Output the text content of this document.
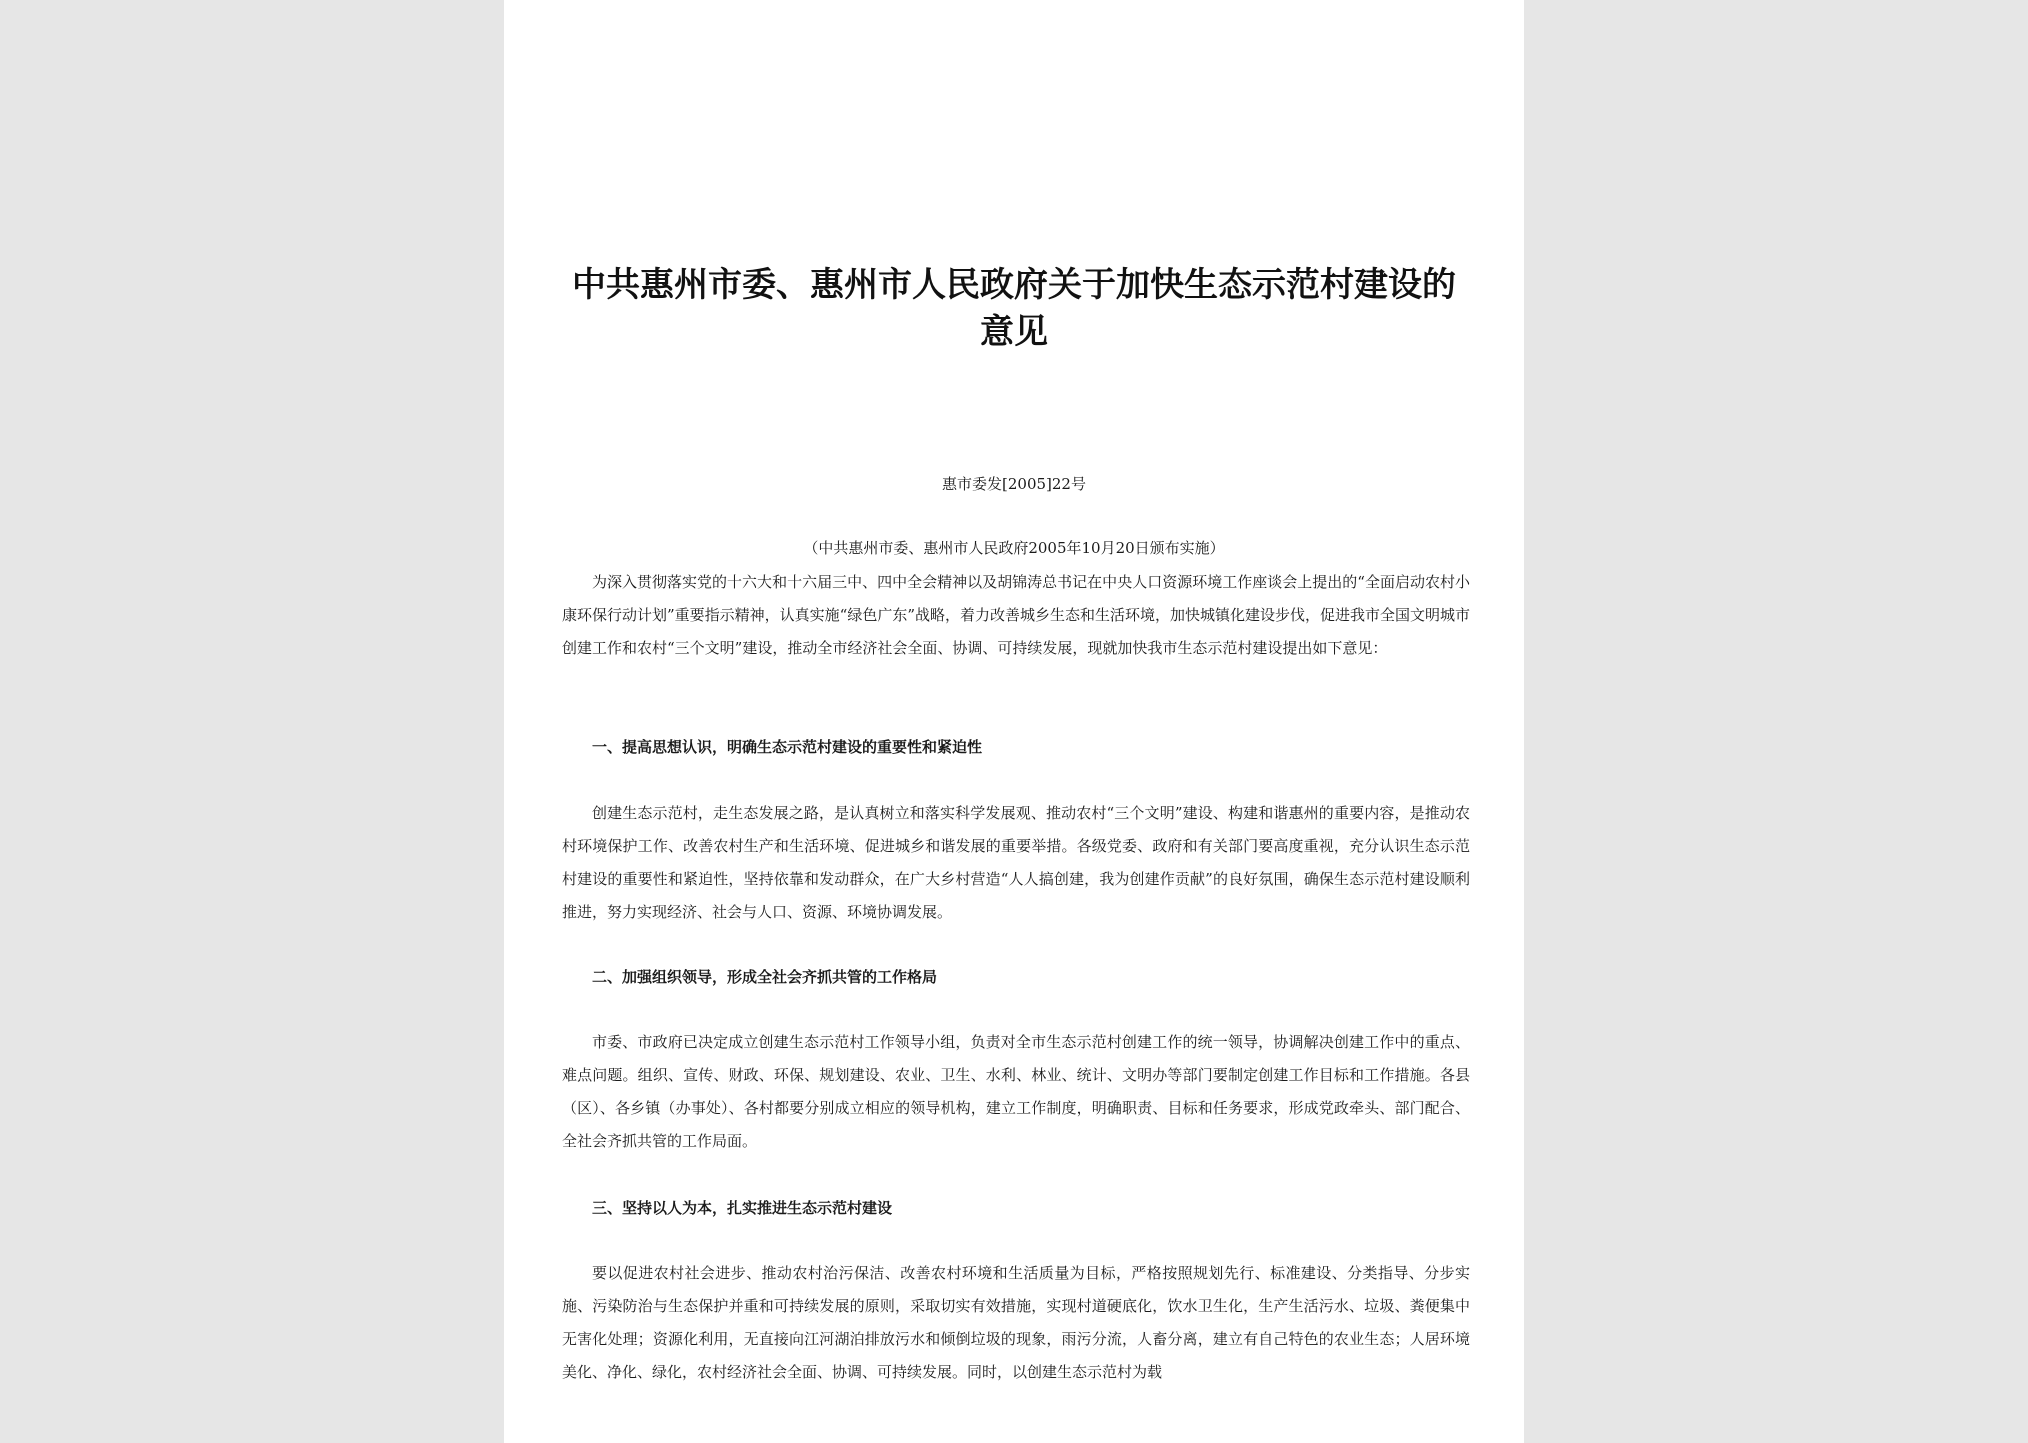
中共惠州市委、惠州市人民政府关于加快生态示范村建设的意见

惠市委发[2005]22号

（中共惠州市委、惠州市人民政府2005年10月20日颁布实施）

为深入贯彻落实党的十六大和十六届三中、四中全会精神以及胡锦涛总书记在中央人口资源环境工作座谈会上提出的“全面启动农村小康环保行动计划”重要指示精神，认真实施“绿色广东”战略，着力改善城乡生态和生活环境，加快城镇化建设步伐，促进我市全国文明城市创建工作和农村“三个文明”建设，推动全市经济社会全面、协调、可持续发展，现就加快我市生态示范村建设提出如下意见：

一、提高思想认识，明确生态示范村建设的重要性和紧迫性

创建生态示范村，走生态发展之路，是认真树立和落实科学发展观、推动农村“三个文明”建设、构建和谐惠州的重要内容，是推动农村环境保护工作、改善农村生产和生活环境、促进城乡和谐发展的重要举措。各级党委、政府和有关部门要高度重视，充分认识生态示范村建设的重要性和紧迫性，坚持依靠和发动群众，在广大乡村营造“人人搞创建，我为创建作贡献”的良好氛围，确保生态示范村建设顺利推进，努力实现经济、社会与人口、资源、环境协调发展。

二、加强组织领导，形成全社会齐抓共管的工作格局

市委、市政府已决定成立创建生态示范村工作领导小组，负责对全市生态示范村创建工作的统一领导，协调解决创建工作中的重点、难点问题。组织、宣传、财政、环保、规划建设、农业、卫生、水利、林业、统计、文明办等部门要制定创建工作目标和工作措施。各县（区）、各乡镇（办事处）、各村都要分别成立相应的领导机构，建立工作制度，明确职责、目标和任务要求，形成党政牵头、部门配合、全社会齐抓共管的工作局面。

三、坚持以人为本，扎实推进生态示范村建设

要以促进农村社会进步、推动农村治污保洁、改善农村环境和生活质量为目标，严格按照规划先行、标准建设、分类指导、分步实施、污染防治与生态保护并重和可持续发展的原则，采取切实有效措施，实现村道硬底化，饮水卫生化，生产生活污水、垃圾、粪便集中无害化处理；资源化利用，无直接向江河湖泊排放污水和倾倒垃圾的现象，雨污分流，人畜分离，建立有自己特色的农业生态；人居环境美化、净化、绿化，农村经济社会全面、协调、可持续发展。同时，以创建生态示范村为载
